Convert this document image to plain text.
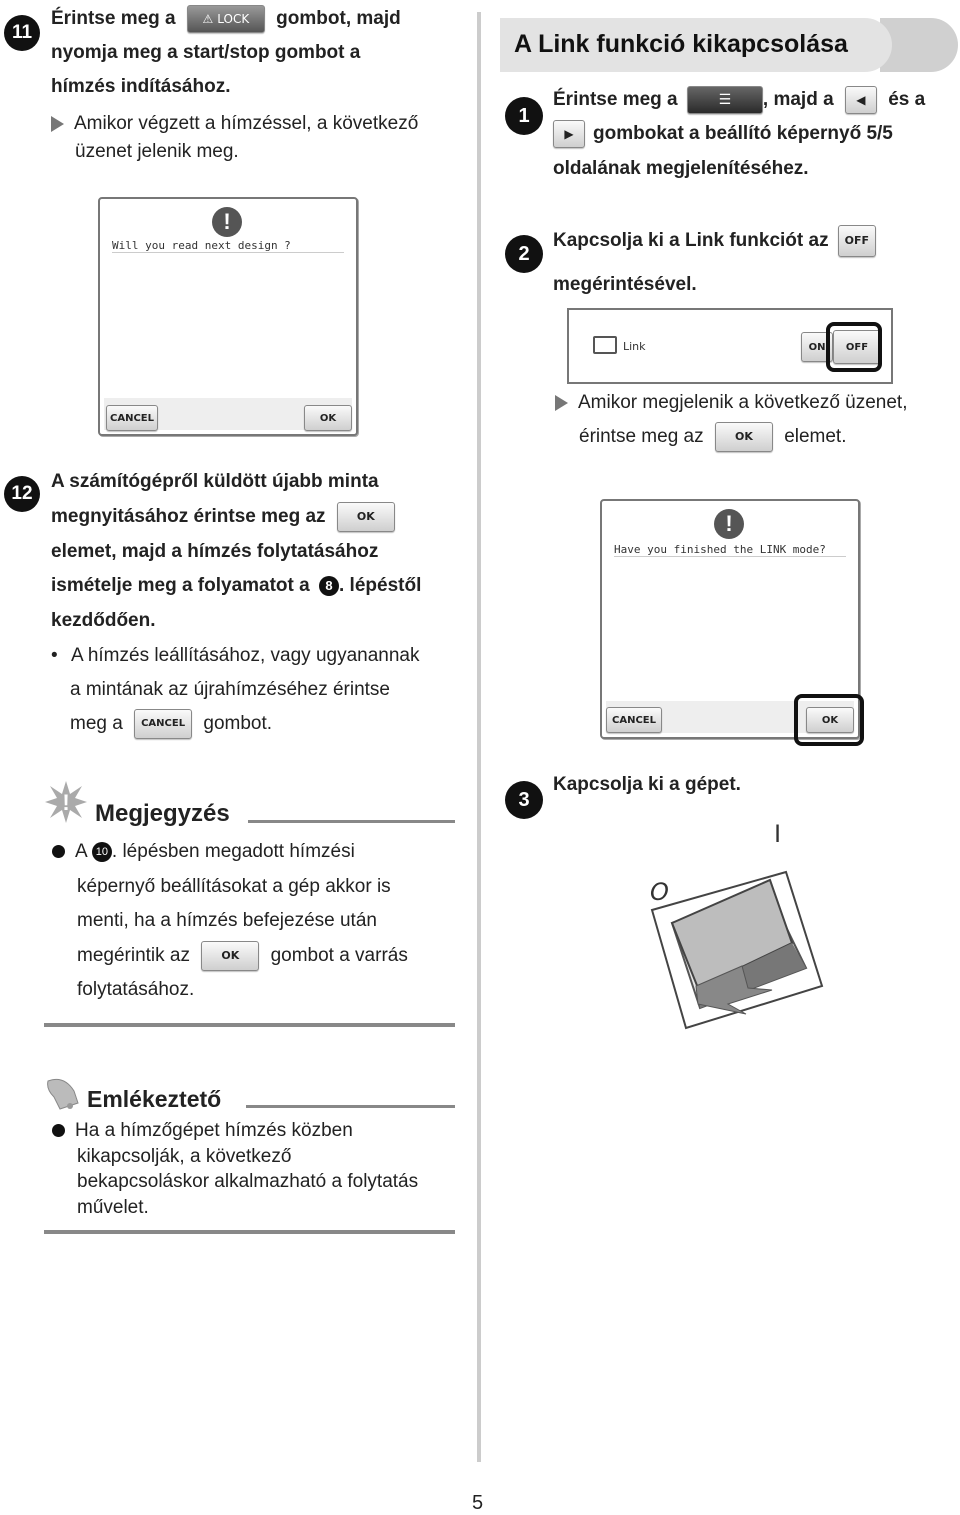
11
Érintse meg a ⚠ LOCK gombot, majd
nyomja meg a start/stop gombot a
hímzés indításához.
Amikor végzett a hímzéssel, a következő
üzenet jelenik meg.
!
Will you read next design ?
CANCEL	OK
12
A számítógépről küldött újabb minta
megnyitásához érintse meg az	OK
elemet, majd a hímzés folytatásához
ismételje meg a folyamatot a 8 . lépéstől
kezdődően.
• A hímzés leállításához, vagy ugyanannak
a mintának az újrahímzéséhez érintse
meg a CANCEL gombot.
! Megjegyzés
A 10 . lépésben megadott hímzési
képernyő beállításokat a gép akkor is
menti, ha a hímzés befejezése után
megérintik az	OK gombot a varrás
folytatásához.
Emlékeztető
Ha a hímzőgépet hímzés közben
kikapcsolják, a következő
bekapcsoláskor alkalmazható a folytatás
művelet.
A Link funkció kikapcsolása
1
Érintse meg a	☰ , majd a ◀ és a
▶ gombokat a beállító képernyő 5/5
oldalának megjelenítéséhez.
2
Kapcsolja ki a Link funkciót az OFF
megérintésével.
Link	ON	OFF
Amikor megjelenik a következő üzenet,
érintse meg az	OK elemet.
!
Have you finished the LINK mode?
CANCEL	OK
3
Kapcsolja ki a gépet.
I
O
5
